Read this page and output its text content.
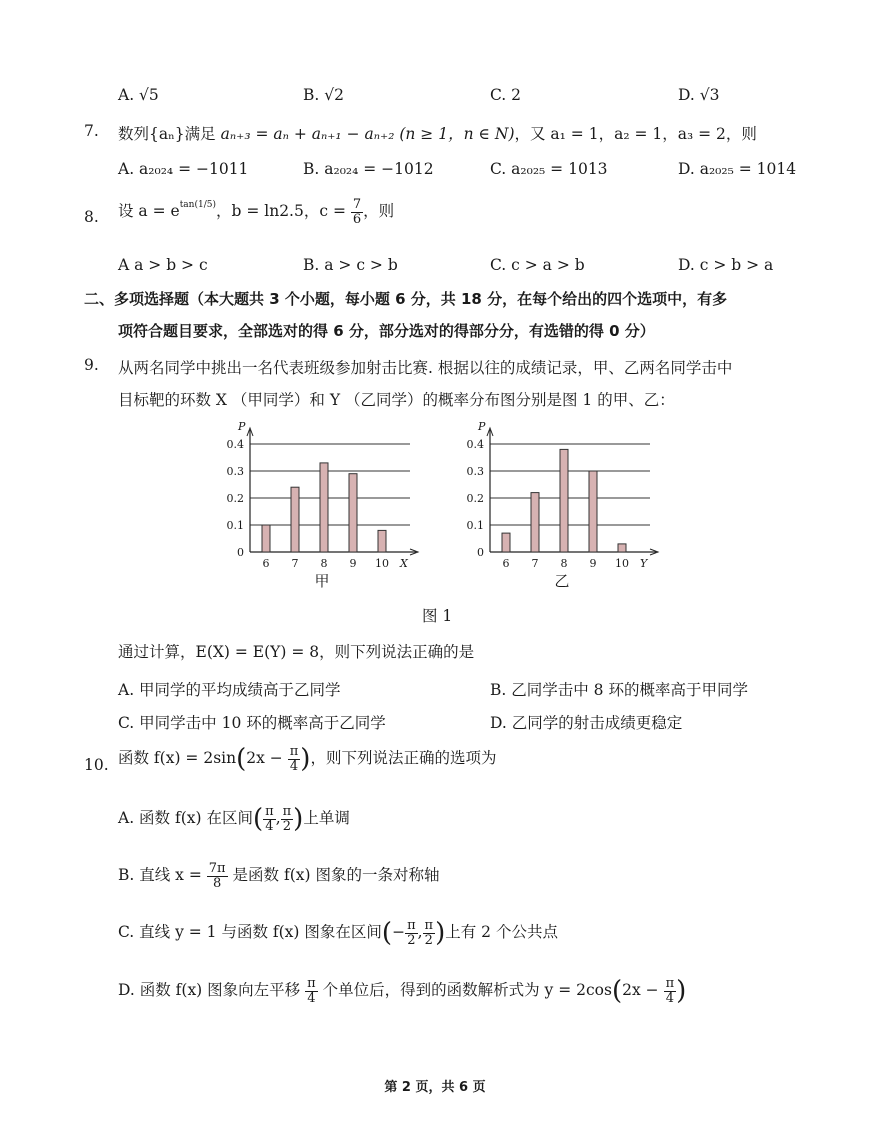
A. √5	B. √2	C. 2	D. √3
7. 数列{aₙ}满足 aₙ₊₃ = aₙ + aₙ₊₁ − aₙ₊₂ (n ≥ 1，n ∈ N)，又 a₁ = 1，a₂ = 1，a₃ = 2，则
A. a₂₀₂₄ = −1011	B. a₂₀₂₄ = −1012	C. a₂₀₂₅ = 1013	D. a₂₀₂₅ = 1014
8. 设 $a = e^{tan(1/5)}$，b = ln2.5，$c = \frac{7}{6}$ ，则
A a > b > c	B. a > c > b	C. c > a > b	D. c > b > a
二、多项选择题（本大题共 3 个小题，每小题 6 分，共 18 分，在每个给出的四个选项中，有多
项符合题目要求，全部选对的得 6 分，部分选对的得部分分，有选错的得 0 分）
9. 从两名同学中挑出一名代表班级参加射击比赛. 根据以往的成绩记录，甲、乙两名同学击中
目标靶的环数 X （甲同学）和 Y （乙同学）的概率分布图分别是图 1 的甲、乙：
0
0.1
0.2
0.3
0.4
P
6 7 8 9 10 X
甲
0
0.1
0.2
0.3
0.4
P
6 7 8 9 10 Y
乙
图 1
通过计算，E(X) = E(Y) = 8，则下列说法正确的是
A. 甲同学的平均成绩高于乙同学	B. 乙同学击中 8 环的概率高于甲同学
C. 甲同学击中 10 环的概率高于乙同学	D. 乙同学的射击成绩更稳定
10. 函数 $f(x) = 2\sin(2x - \frac{\pi}{4}$ )，则下列说法正确的选项为
A. 函数 f(x) 在区间( $\frac{\pi}{4}$ , $\frac{\pi}{2}$ )上单调
B. 直线 $x = \frac{7\pi}{8}$ 是函数 f(x) 图象的一条对称轴
C. 直线 y = 1 与函数 f(x) 图象在区间(− $\frac{\pi}{2}$ , $\frac{\pi}{2}$ )上有 2 个公共点
D. 函数 f(x) 图象向左平移 $\frac{\pi}{4}$ 个单位后，得到的函数解析式为 $y = 2\cos(2x - \frac{\pi}{4}$ )
第 2 页，共 6 页
